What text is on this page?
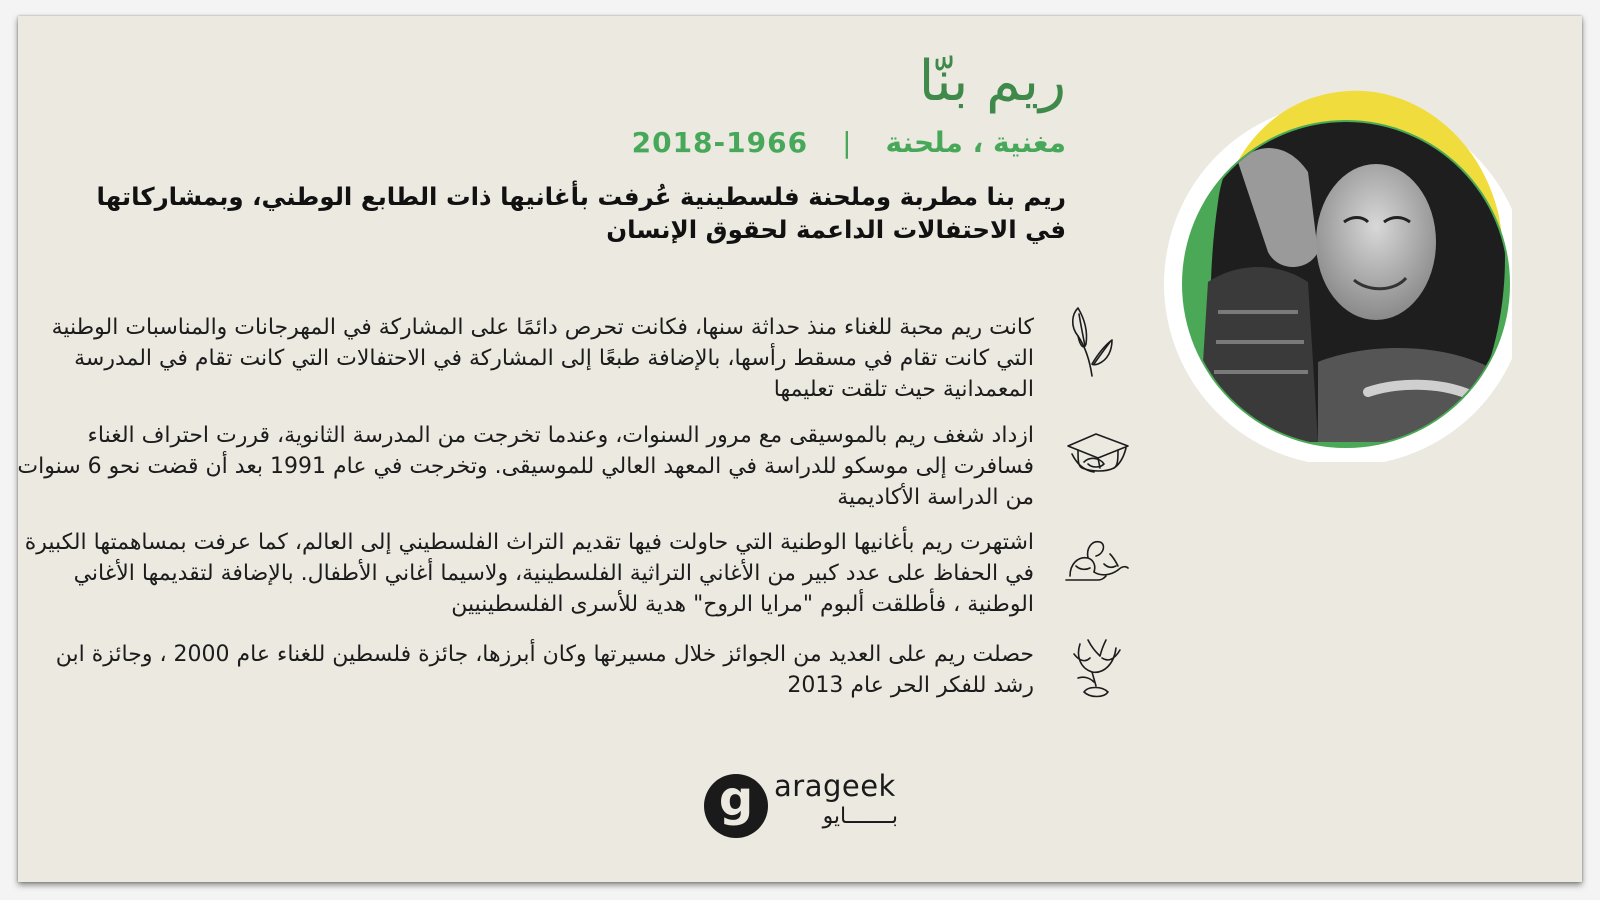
ريم بنّا
مغنية ، ملحنة
|
2018-1966

ريم بنا مطربة وملحنة فلسطينية عُرفت بأغانيها ذات الطابع الوطني، وبمشاركاتها في الاحتفالات الداعمة لحقوق الإنسان

كانت ريم محبة للغناء منذ حداثة سنها، فكانت تحرص دائمًا على المشاركة في المهرجانات والمناسبات الوطنية التي كانت تقام في مسقط رأسها، بالإضافة طبعًا إلى المشاركة في الاحتفالات التي كانت تقام في المدرسة المعمدانية حيث تلقت تعليمها

ازداد شغف ريم بالموسيقى مع مرور السنوات، وعندما تخرجت من المدرسة الثانوية، قررت احتراف الغناء فسافرت إلى موسكو للدراسة في المعهد العالي للموسيقى. وتخرجت في عام 1991 بعد أن قضت نحو 6 سنوات من الدراسة الأكاديمية

اشتهرت ريم بأغانيها الوطنية التي حاولت فيها تقديم التراث الفلسطيني إلى العالم، كما عرفت بمساهمتها الكبيرة في الحفاظ على عدد كبير من الأغاني التراثية الفلسطينية، ولاسيما أغاني الأطفال. بالإضافة لتقديمها الأغاني الوطنية ، فأطلقت ألبوم "مرايا الروح" هدية للأسرى الفلسطينيين

حصلت ريم على العديد من الجوائز خلال مسيرتها وكان أبرزها، جائزة فلسطين للغناء عام 2000 ، وجائزة ابن رشد للفكر الحر عام 2013

g arageek
بـــــــايو
